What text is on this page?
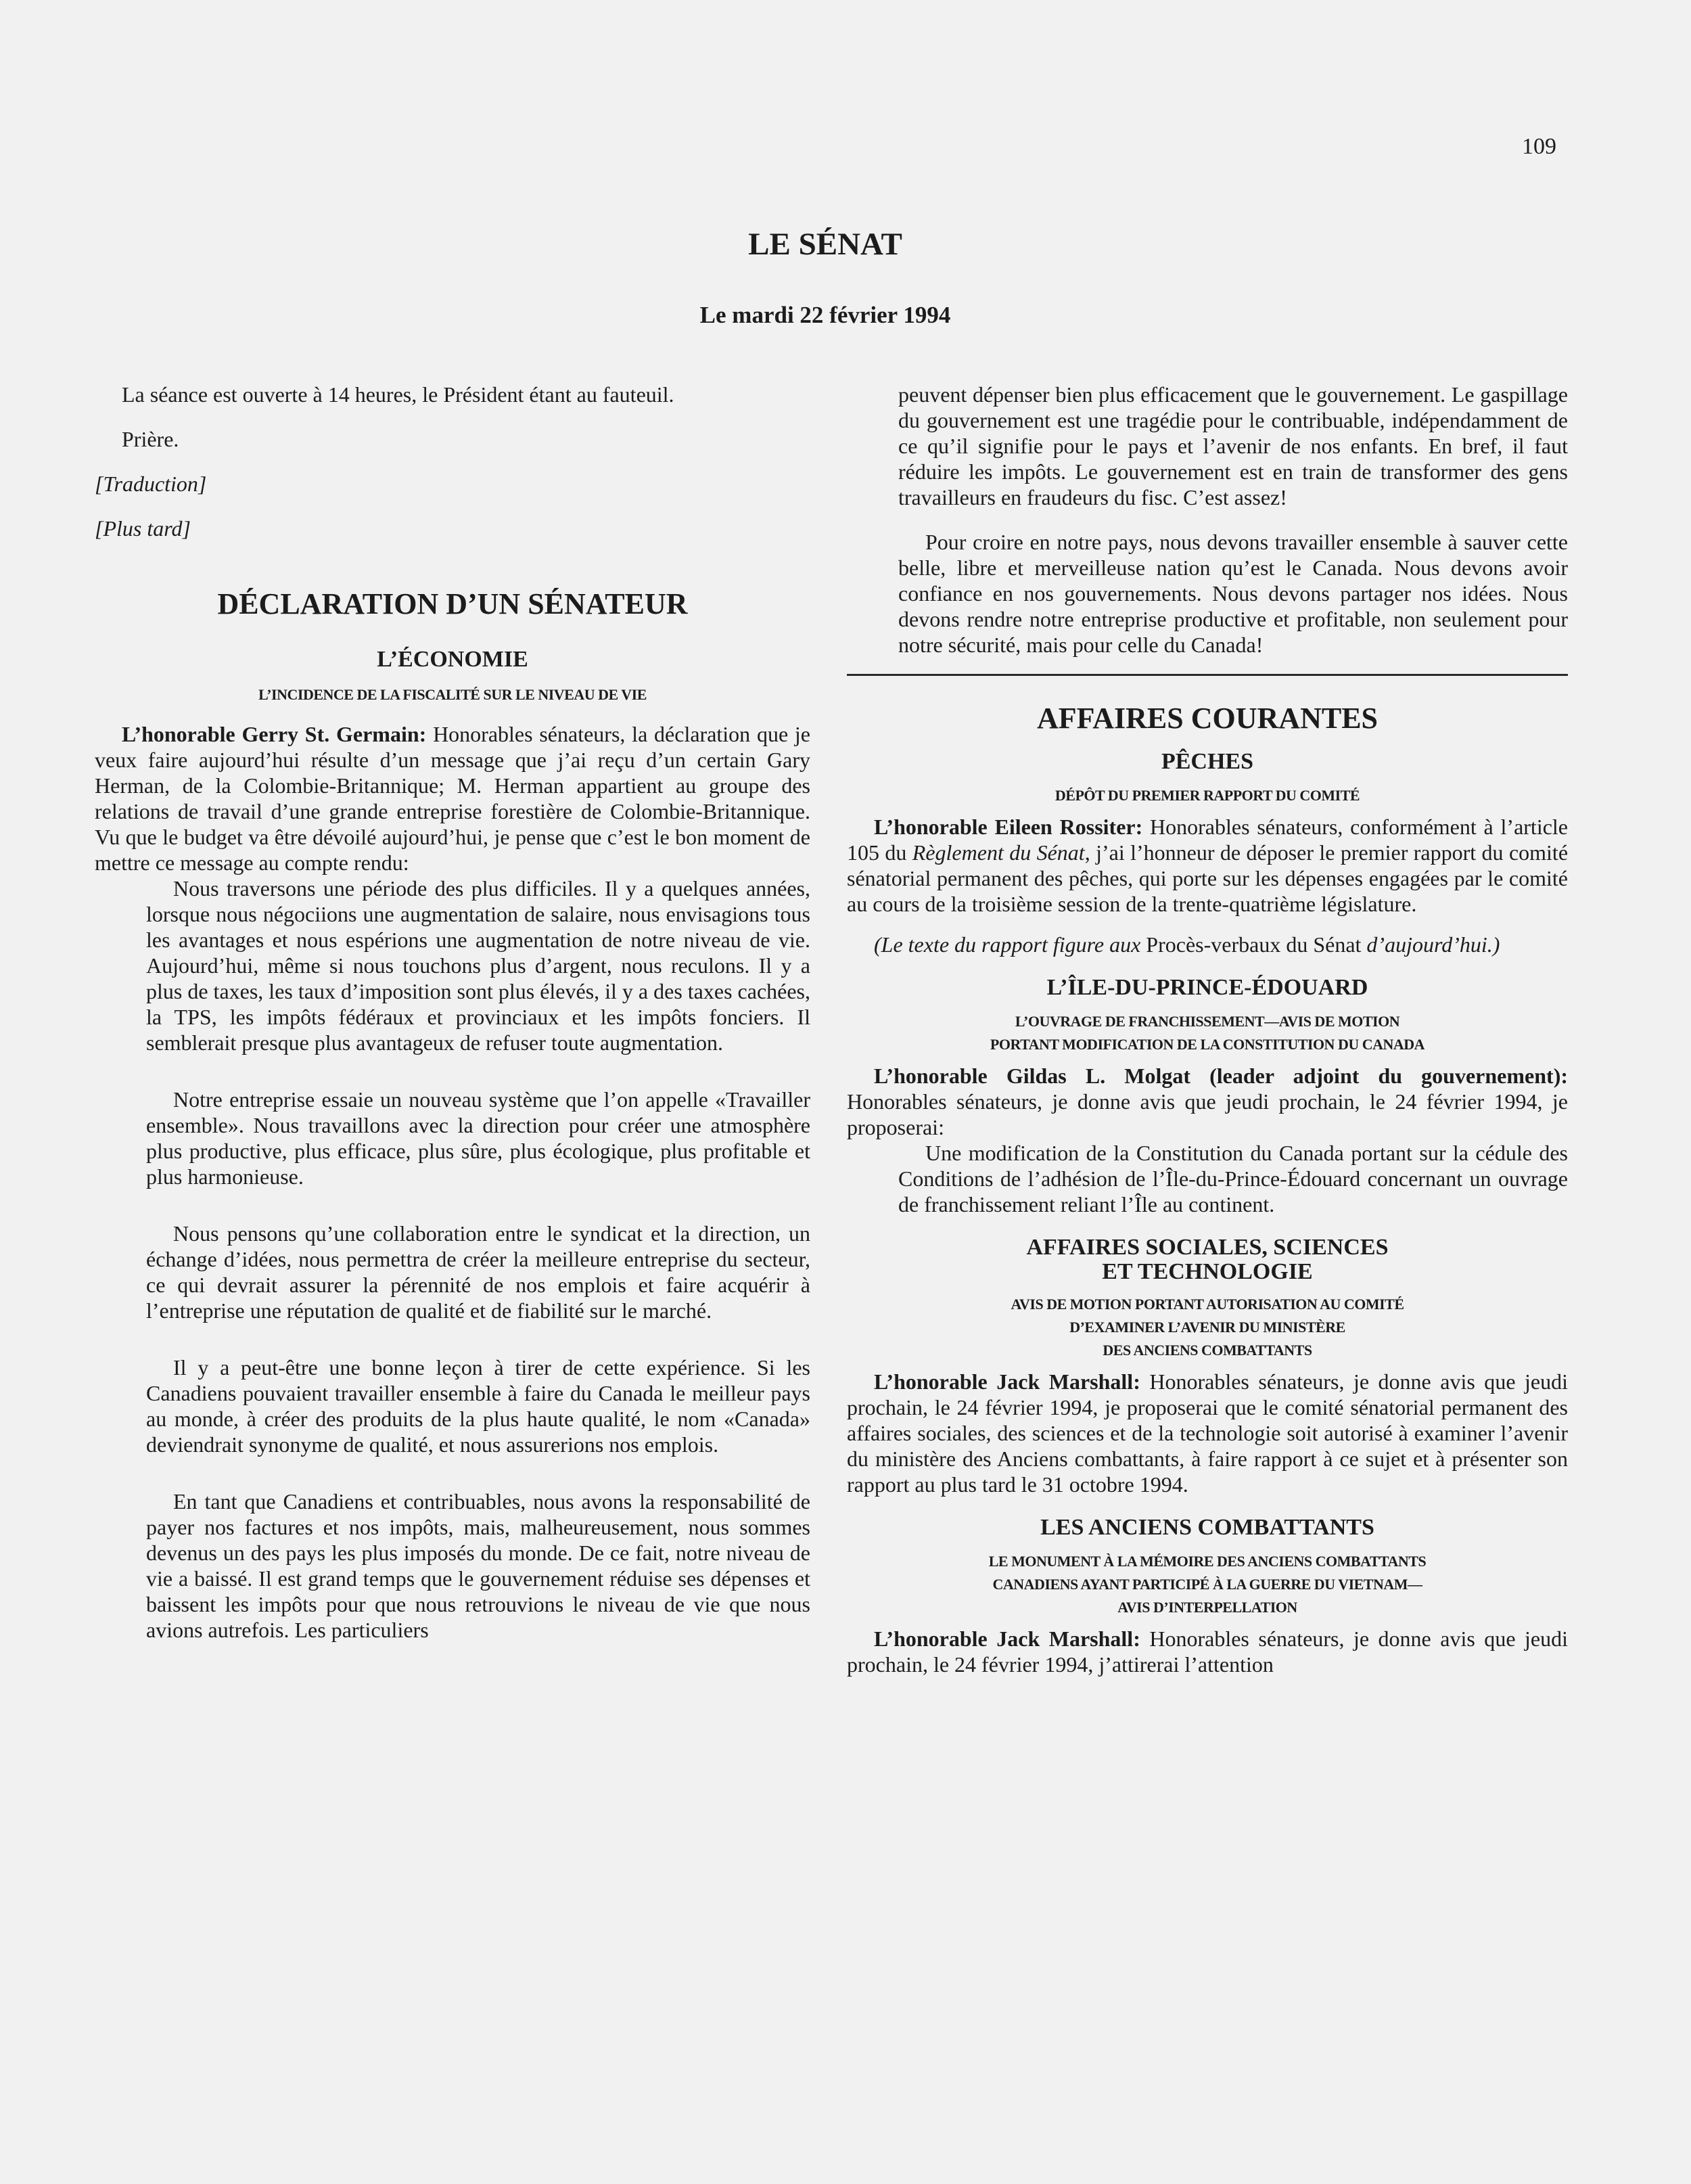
109
LE SÉNAT
Le mardi 22 février 1994

La séance est ouverte à 14 heures, le Président étant au fauteuil.

Prière.

[Traduction]

[Plus tard]

DÉCLARATION D’UN SÉNATEUR
L’ÉCONOMIE
L’INCIDENCE DE LA FISCALITÉ SUR LE NIVEAU DE VIE

L’honorable Gerry St. Germain: Honorables sénateurs, la déclaration que je veux faire aujourd’hui résulte d’un message que j’ai reçu d’un certain Gary Herman, de la Colombie-Britannique; M. Herman appartient au groupe des relations de travail d’une grande entreprise forestière de Colombie-Britannique. Vu que le budget va être dévoilé aujourd’hui, je pense que c’est le bon moment de mettre ce message au compte rendu:

Nous traversons une période des plus difficiles. Il y a quelques années, lorsque nous négociions une augmentation de salaire, nous envisagions tous les avantages et nous espérions une augmentation de notre niveau de vie. Aujourd’hui, même si nous touchons plus d’argent, nous reculons. Il y a plus de taxes, les taux d’imposition sont plus élevés, il y a des taxes cachées, la TPS, les impôts fédéraux et provinciaux et les impôts fonciers. Il semblerait presque plus avantageux de refuser toute augmentation.

Notre entreprise essaie un nouveau système que l’on appelle «Travailler ensemble». Nous travaillons avec la direction pour créer une atmosphère plus productive, plus efficace, plus sûre, plus écologique, plus profitable et plus harmonieuse.

Nous pensons qu’une collaboration entre le syndicat et la direction, un échange d’idées, nous permettra de créer la meilleure entreprise du secteur, ce qui devrait assurer la pérennité de nos emplois et faire acquérir à l’entreprise une réputation de qualité et de fiabilité sur le marché.

Il y a peut-être une bonne leçon à tirer de cette expérience. Si les Canadiens pouvaient travailler ensemble à faire du Canada le meilleur pays au monde, à créer des produits de la plus haute qualité, le nom «Canada» deviendrait synonyme de qualité, et nous assurerions nos emplois.

En tant que Canadiens et contribuables, nous avons la responsabilité de payer nos factures et nos impôts, mais, malheureusement, nous sommes devenus un des pays les plus imposés du monde. De ce fait, notre niveau de vie a baissé. Il est grand temps que le gouvernement réduise ses dépenses et baissent les impôts pour que nous retrouvions le niveau de vie que nous avions autrefois. Les particuliers

peuvent dépenser bien plus efficacement que le gouvernement. Le gaspillage du gouvernement est une tragédie pour le contribuable, indépendamment de ce qu’il signifie pour le pays et l’avenir de nos enfants. En bref, il faut réduire les impôts. Le gouvernement est en train de transformer des gens travailleurs en fraudeurs du fisc. C’est assez!

Pour croire en notre pays, nous devons travailler ensemble à sauver cette belle, libre et merveilleuse nation qu’est le Canada. Nous devons avoir confiance en nos gouvernements. Nous devons partager nos idées. Nous devons rendre notre entreprise productive et profitable, non seulement pour notre sécurité, mais pour celle du Canada!

AFFAIRES COURANTES
PÊCHES
DÉPÔT DU PREMIER RAPPORT DU COMITÉ

L’honorable Eileen Rossiter: Honorables sénateurs, conformément à l’article 105 du Règlement du Sénat, j’ai l’honneur de déposer le premier rapport du comité sénatorial permanent des pêches, qui porte sur les dépenses engagées par le comité au cours de la troisième session de la trente-quatrième législature.

(Le texte du rapport figure aux Procès-verbaux du Sénat d’aujourd’hui.)

L’ÎLE-DU-PRINCE-ÉDOUARD
L’OUVRAGE DE FRANCHISSEMENT—AVIS DE MOTION
PORTANT MODIFICATION DE LA CONSTITUTION DU CANADA

L’honorable Gildas L. Molgat (leader adjoint du gouvernement): Honorables sénateurs, je donne avis que jeudi prochain, le 24 février 1994, je proposerai:

Une modification de la Constitution du Canada portant sur la cédule des Conditions de l’adhésion de l’Île-du-Prince-Édouard concernant un ouvrage de franchissement reliant l’Île au continent.

AFFAIRES SOCIALES, SCIENCES
ET TECHNOLOGIE
AVIS DE MOTION PORTANT AUTORISATION AU COMITÉ
D’EXAMINER L’AVENIR DU MINISTÈRE
DES ANCIENS COMBATTANTS

L’honorable Jack Marshall: Honorables sénateurs, je donne avis que jeudi prochain, le 24 février 1994, je proposerai que le comité sénatorial permanent des affaires sociales, des sciences et de la technologie soit autorisé à examiner l’avenir du ministère des Anciens combattants, à faire rapport à ce sujet et à présenter son rapport au plus tard le 31 octobre 1994.

LES ANCIENS COMBATTANTS
LE MONUMENT À LA MÉMOIRE DES ANCIENS COMBATTANTS
CANADIENS AYANT PARTICIPÉ À LA GUERRE DU VIETNAM—
AVIS D’INTERPELLATION

L’honorable Jack Marshall: Honorables sénateurs, je donne avis que jeudi prochain, le 24 février 1994, j’attirerai l’attention
